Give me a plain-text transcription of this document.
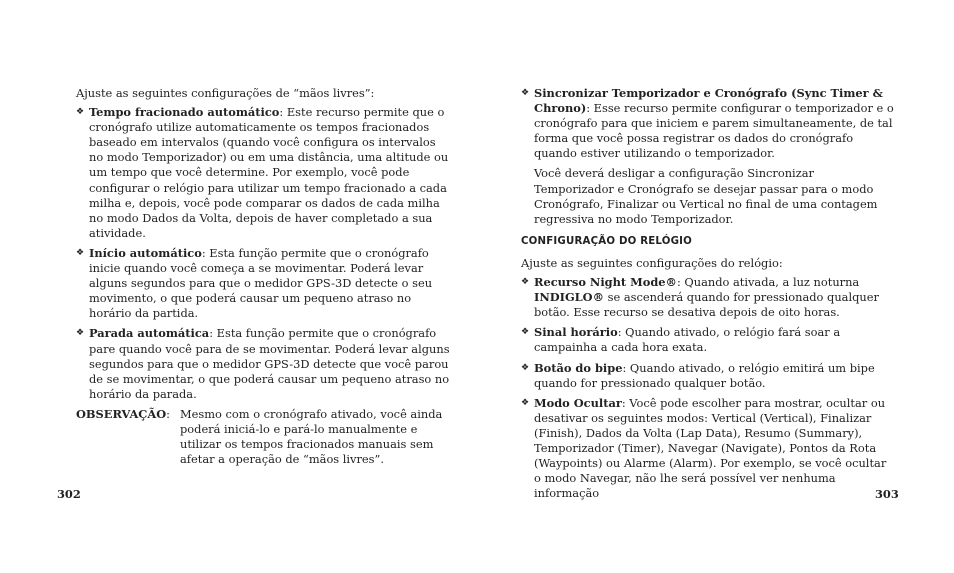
Ajuste as seguintes configurações de “mãos livres”:

❖ Tempo fracionado automático: Este recurso permite que o cronógrafo utilize automaticamente os tempos fracionados baseado em intervalos (quando você configura os intervalos no modo Temporizador) ou em uma distância, uma altitude ou um tempo que você determine. Por exemplo, você pode configurar o relógio para utilizar um tempo fracionado a cada milha e, depois, você pode comparar os dados de cada milha no modo Dados da Volta, depois de haver completado a sua atividade.
❖ Início automático: Esta função permite que o cronógrafo inicie quando você começa a se movimentar. Poderá levar alguns segundos para que o medidor GPS-3D detecte o seu movimento, o que poderá causar um pequeno atraso no horário da partida.
❖ Parada automática: Esta função permite que o cronógrafo pare quando você para de se movimentar. Poderá levar alguns segundos para que o medidor GPS-3D detecte que você parou de se movimentar, o que poderá causar um pequeno atraso no horário da parada.
OBSERVAÇÃO: Mesmo com o cronógrafo ativado, você ainda poderá iniciá-lo e pará-lo manualmente e utilizar os tempos fracionados manuais sem afetar a operação de “mãos livres”.
❖ Sincronizar Temporizador e Cronógrafo (Sync Timer & Chrono): Esse recurso permite configurar o temporizador e o cronógrafo para que iniciem e parem simultaneamente, de tal forma que você possa registrar os dados do cronógrafo quando estiver utilizando o temporizador.

Você deverá desligar a configuração Sincronizar Temporizador e Cronógrafo se desejar passar para o modo Cronógrafo, Finalizar ou Vertical no final de uma contagem regressiva no modo Temporizador.

CONFIGURAÇÃO DO RELÓGIO

Ajuste as seguintes configurações do relógio:

❖ Recurso Night Mode®: Quando ativada, a luz noturna INDIGLO® se ascenderá quando for pressionado qualquer botão. Esse recurso se desativa depois de oito horas.
❖ Sinal horário: Quando ativado, o relógio fará soar a campainha a cada hora exata.
❖ Botão do bipe: Quando ativado, o relógio emitirá um bipe quando for pressionado qualquer botão.
❖ Modo Ocultar: Você pode escolher para mostrar, ocultar ou desativar os seguintes modos: Vertical (Vertical), Finalizar (Finish), Dados da Volta (Lap Data), Resumo (Summary), Temporizador (Timer), Navegar (Navigate), Pontos da Rota (Waypoints) ou Alarme (Alarm). Por exemplo, se você ocultar o modo Navegar, não lhe será possível ver nenhuma informação
302	303
